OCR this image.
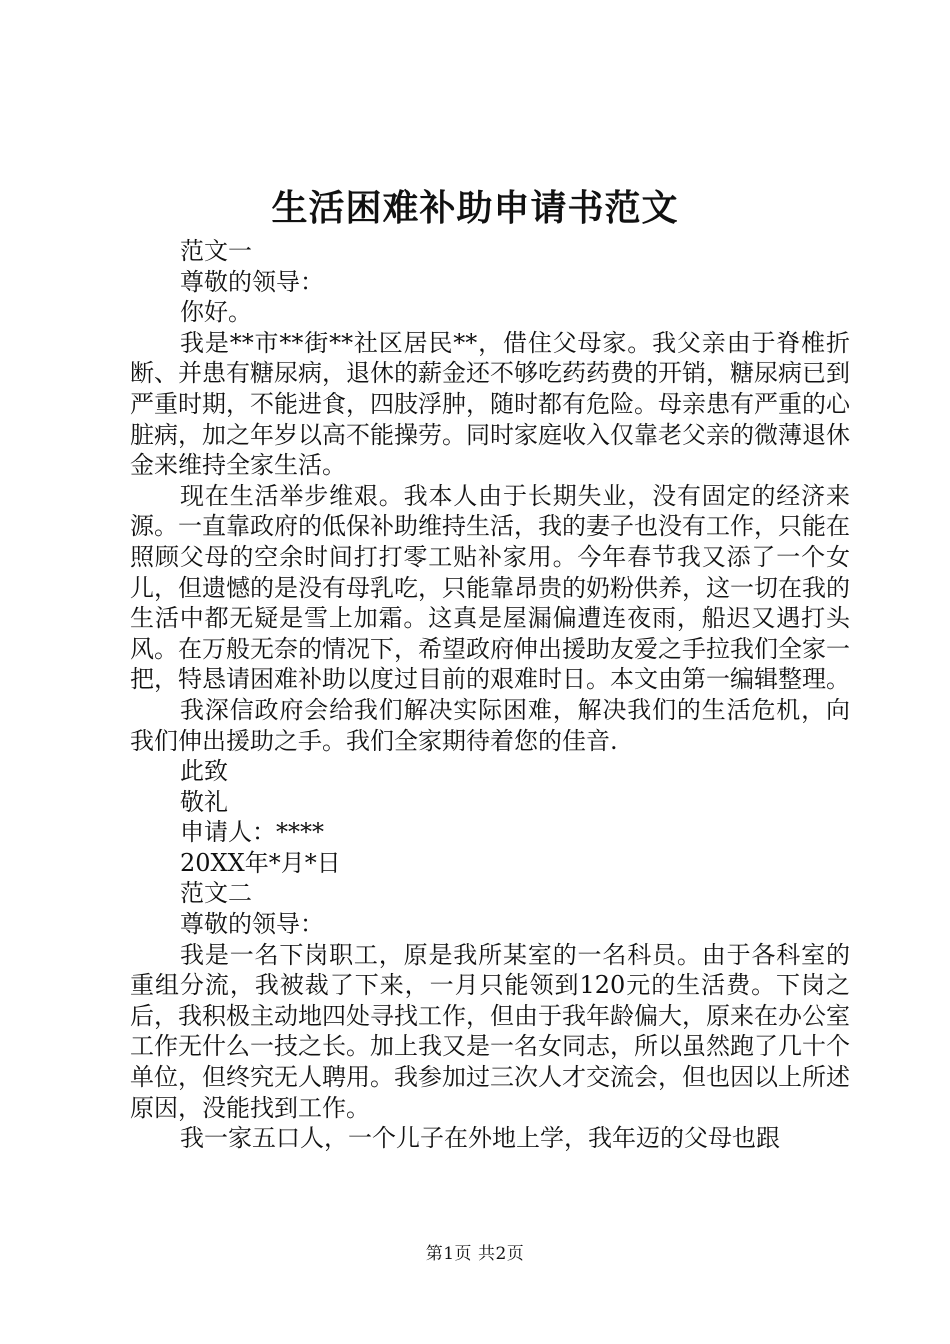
生活困难补助申请书范文

范文一

尊敬的领导：

你好。

我是**市**街**社区居民**，借住父母家。我父亲由于脊椎折断、并患有糖尿病，退休的薪金还不够吃药药费的开销，糖尿病已到严重时期，不能进食，四肢浮肿，随时都有危险。母亲患有严重的心脏病，加之年岁以高不能操劳。同时家庭收入仅靠老父亲的微薄退休金来维持全家生活。

现在生活举步维艰。我本人由于长期失业，没有固定的经济来源。一直靠政府的低保补助维持生活，我的妻子也没有工作，只能在照顾父母的空余时间打打零工贴补家用。今年春节我又添了一个女儿，但遗憾的是没有母乳吃，只能靠昂贵的奶粉供养，这一切在我的生活中都无疑是雪上加霜。这真是屋漏偏遭连夜雨，船迟又遇打头风。在万般无奈的情况下，希望政府伸出援助友爱之手拉我们全家一把，特恳请困难补助以度过目前的艰难时日。本文由第一编辑整理。

我深信政府会给我们解决实际困难，解决我们的生活危机，向我们伸出援助之手。我们全家期待着您的佳音.

此致

敬礼

申请人：****

20XX年*月*日

范文二

尊敬的领导：

我是一名下岗职工，原是我所某室的一名科员。由于各科室的重组分流，我被裁了下来，一月只能领到120元的生活费。下岗之后，我积极主动地四处寻找工作，但由于我年龄偏大，原来在办公室工作无什么一技之长。加上我又是一名女同志，所以虽然跑了几十个单位，但终究无人聘用。我参加过三次人才交流会，但也因以上所述原因，没能找到工作。

我一家五口人，一个儿子在外地上学，我年迈的父母也跟

第1页 共2页
